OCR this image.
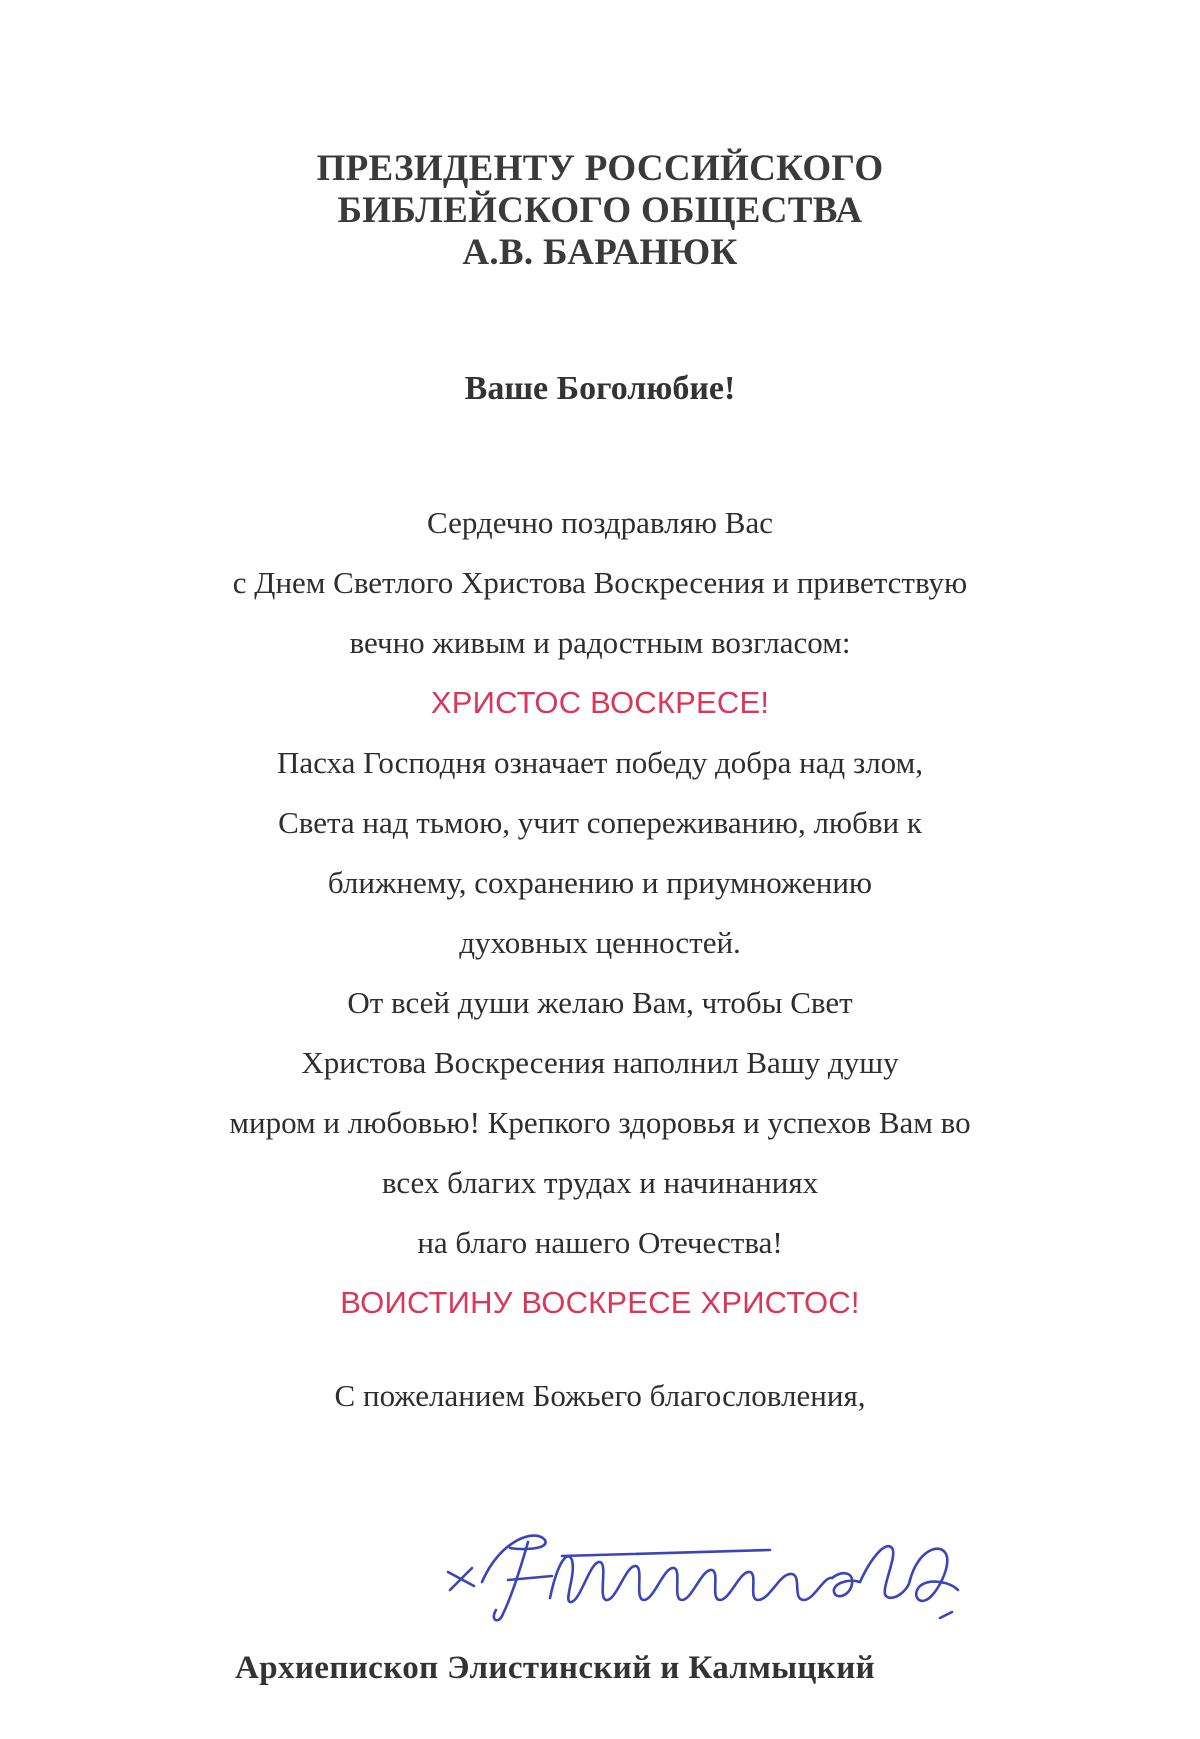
ПРЕЗИДЕНТУ РОССИЙСКОГО
БИБЛЕЙСКОГО ОБЩЕСТВА
А.В. БАРАНЮК
Ваше Боголюбие!
Сердечно поздравляю Вас
с Днем Светлого Христова Воскресения и приветствую
вечно живым и радостным возгласом:
ХРИСТОС ВОСКРЕСЕ!
Пасха Господня означает победу добра над злом,
Света над тьмою, учит сопереживанию, любви к
ближнему, сохранению и приумножению
духовных ценностей.
От всей души желаю Вам, чтобы Свет
Христова Воскресения наполнил Вашу душу
миром и любовью! Крепкого здоровья и успехов Вам во
всех благих трудах и начинаниях
на благо нашего Отечества!
ВОИСТИНУ ВОСКРЕСЕ ХРИСТОС!
С пожеланием Божьего благословления,
Архиепископ Элистинский и Калмыцкий
